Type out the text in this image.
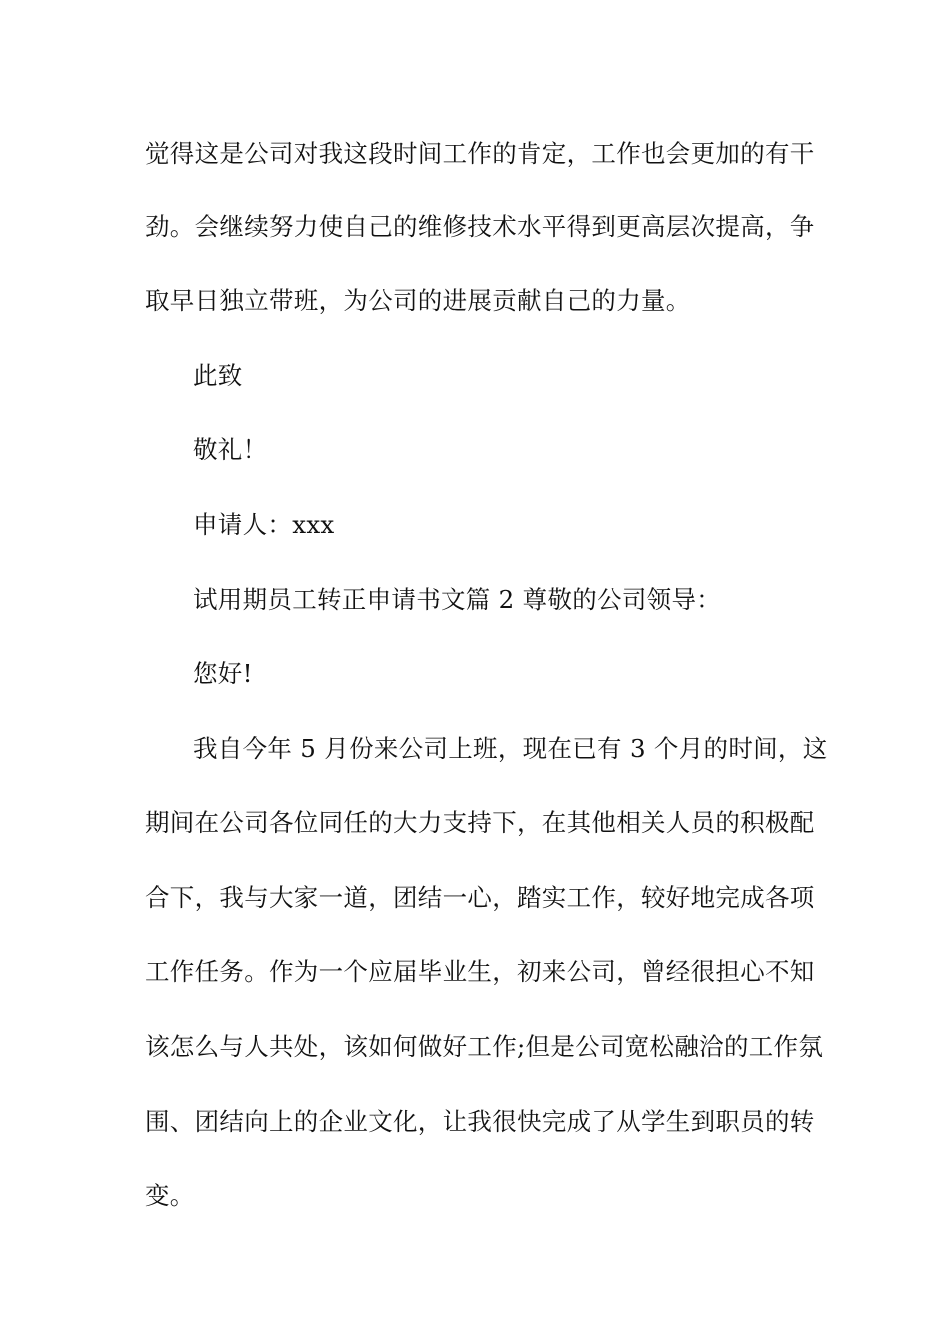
觉得这是公司对我这段时间工作的肯定，工作也会更加的有干
劲。会继续努力使自己的维修技术水平得到更高层次提高，争
取早日独立带班，为公司的进展贡献自己的力量。
此致
敬礼！
申请人：xxx
试用期员工转正申请书文篇 2 尊敬的公司领导：
您好!
我自今年 5 月份来公司上班，现在已有 3 个月的时间，这
期间在公司各位同任的大力支持下，在其他相关人员的积极配
合下，我与大家一道，团结一心，踏实工作，较好地完成各项
工作任务。作为一个应届毕业生，初来公司，曾经很担心不知
该怎么与人共处，该如何做好工作;但是公司宽松融洽的工作氛
围、团结向上的企业文化，让我很快完成了从学生到职员的转
变。
